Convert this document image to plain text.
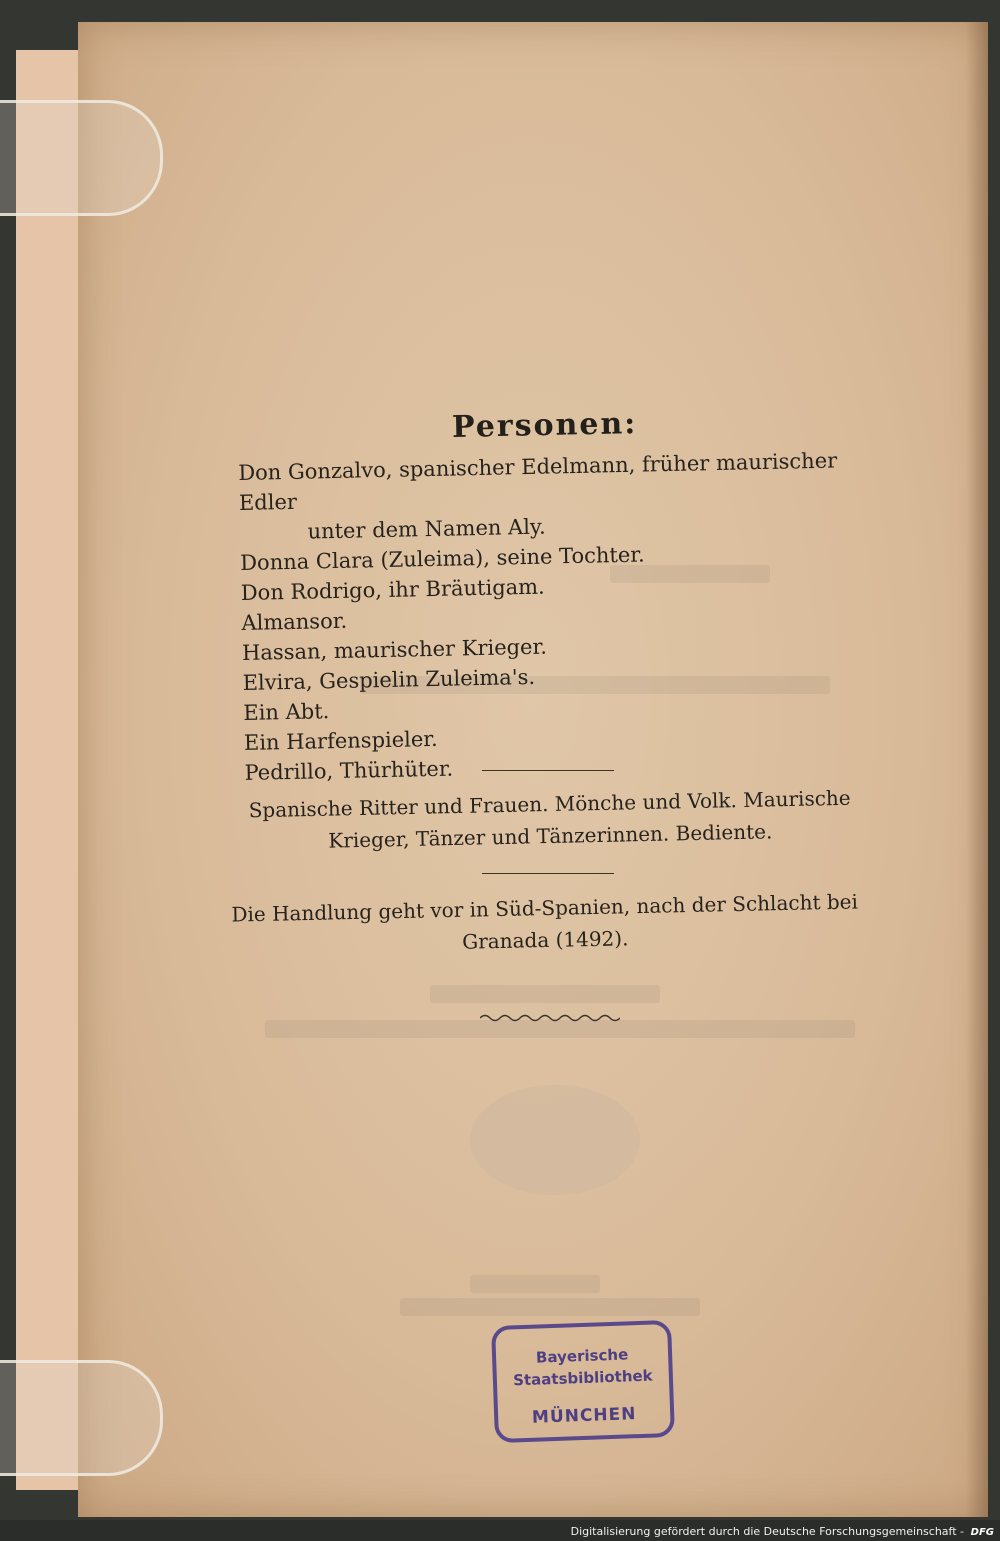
Personen:
Don Gonzalvo, spanischer Edelmann, früher maurischer Edler
unter dem Namen Aly.
Donna Clara (Zuleima), seine Tochter.
Don Rodrigo, ihr Bräutigam.
Almansor.
Hassan, maurischer Krieger.
Elvira, Gespielin Zuleima's.
Ein Abt.
Ein Harfenspieler.
Pedrillo, Thürhüter.
Spanische Ritter und Frauen. Mönche und Volk. Maurische Krieger, Tänzer und Tänzerinnen. Bediente.
Die Handlung geht vor in Süd-Spanien, nach der Schlacht bei Granada (1492).
Bayerische
Staatsbibliothek
MÜNCHEN
Digitalisierung gefördert durch die Deutsche Forschungsgemeinschaft - DFG
